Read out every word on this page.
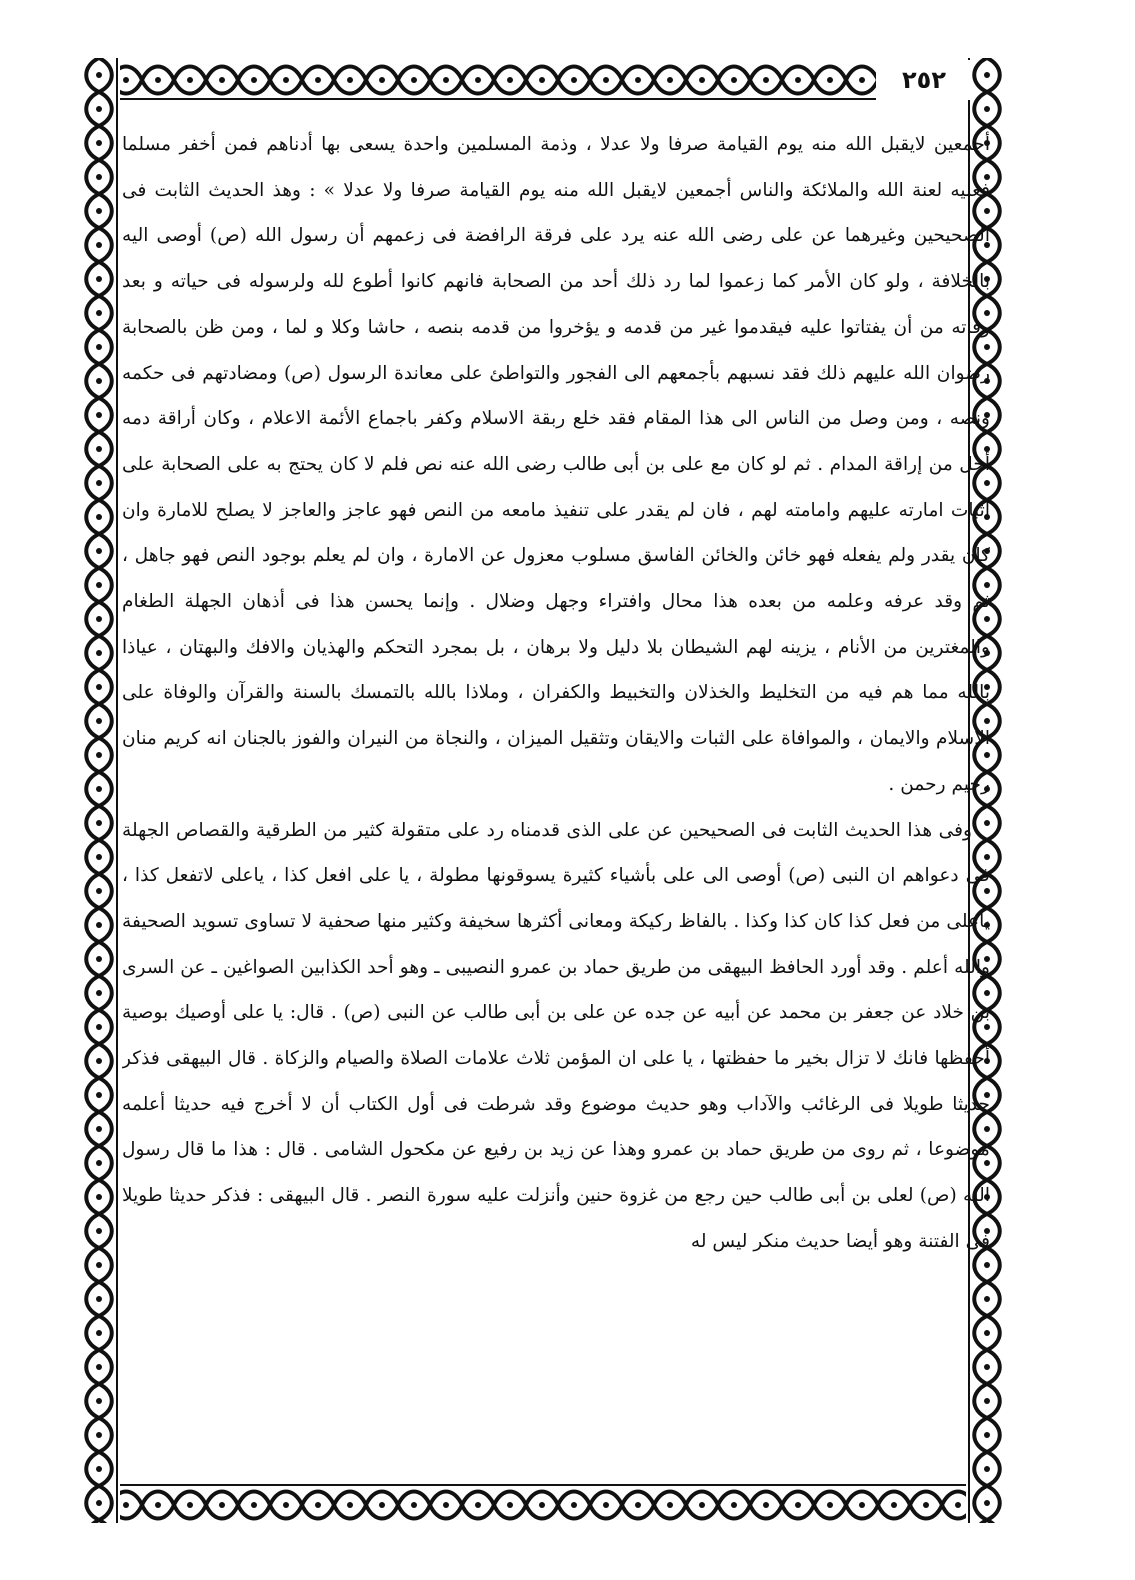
٢٥٢

أجمعين لايقبل الله منه يوم القيامة صرفا ولا عدلا ، وذمة المسلمين واحدة يسعى بها أدناهم فمن أخفر مسلما فعليه لعنة الله والملائكة والناس أجمعين لايقبل الله منه يوم القيامة صرفا ولا عدلا » : وهذ الحديث الثابت فى الصحيحين وغيرهما عن على رضى الله عنه يرد على فرقة الرافضة فى زعمهم أن رسول الله (ص) أوصى اليه بالخلافة ، ولو كان الأمر كما زعموا لما رد ذلك أحد من الصحابة فانهم كانوا أطوع لله ولرسوله فى حياته و بعد وفاته من أن يفتاتوا عليه فيقدموا غير من قدمه و يؤخروا من قدمه بنصه ، حاشا وكلا و لما ، ومن ظن بالصحابة رضوان الله عليهم ذلك فقد نسبهم بأجمعهم الى الفجور والتواطئ على معاندة الرسول (ص) ومضادتهم فى حكمه ونصه ، ومن وصل من الناس الى هذا المقام فقد خلع ربقة الاسلام وكفر باجماع الأئمة الاعلام ، وكان أراقة دمه أحل من إراقة المدام . ثم لو كان مع على بن أبى طالب رضى الله عنه نص فلم لا كان يحتج به على الصحابة على اثبات امارته عليهم وامامته لهم ، فان لم يقدر على تنفيذ مامعه من النص فهو عاجز والعاجز لا يصلح للامارة وان كان يقدر ولم يفعله فهو خائن والخائن الفاسق مسلوب معزول عن الامارة ، وان لم يعلم بوجود النص فهو جاهل ، ثم وقد عرفه وعلمه من بعده هذا محال وافتراء وجهل وضلال . وإنما يحسن هذا فى أذهان الجهلة الطغام والمغترين من الأنام ، يزينه لهم الشيطان بلا دليل ولا برهان ، بل بمجرد التحكم والهذيان والافك والبهتان ، عياذا بالله مما هم فيه من التخليط والخذلان والتخبيط والكفران ، وملاذا بالله بالتمسك بالسنة والقرآن والوفاة على الاسلام والايمان ، والموافاة على الثبات والايقان وتثقيل الميزان ، والنجاة من النيران والفوز بالجنان انه كريم منان رحيم رحمن .

وفى هذا الحديث الثابت فى الصحيحين عن على الذى قدمناه رد على متقولة كثير من الطرقية والقصاص الجهلة فى دعواهم ان النبى (ص) أوصى الى على بأشياء كثيرة يسوقونها مطولة ، يا على افعل كذا ، ياعلى لاتفعل كذا ، ياعلى من فعل كذا كان كذا وكذا . بالفاظ ركيكة ومعانى أكثرها سخيفة وكثير منها صحفية لا تساوى تسويد الصحيفة والله أعلم . وقد أورد الحافظ البيهقى من طريق حماد بن عمرو النصيبى ـ وهو أحد الكذابين الصواغين ـ عن السرى بن خلاد عن جعفر بن محمد عن أبيه عن جده عن على بن أبى طالب عن النبى (ص) . قال: يا على أوصيك بوصية أحفظها فانك لا تزال بخير ما حفظتها ، يا على ان المؤمن ثلاث علامات الصلاة والصيام والزكاة . قال البيهقى فذكر حديثا طويلا فى الرغائب والآداب وهو حديث موضوع وقد شرطت فى أول الكتاب أن لا أخرج فيه حديثا أعلمه موضوعا ، ثم روى من طريق حماد بن عمرو وهذا عن زيد بن رفيع عن مكحول الشامى . قال : هذا ما قال رسول الله (ص) لعلى بن أبى طالب حين رجع من غزوة حنين وأنزلت عليه سورة النصر . قال البيهقى : فذكر حديثا طويلا فى الفتنة وهو أيضا حديث منكر ليس له
